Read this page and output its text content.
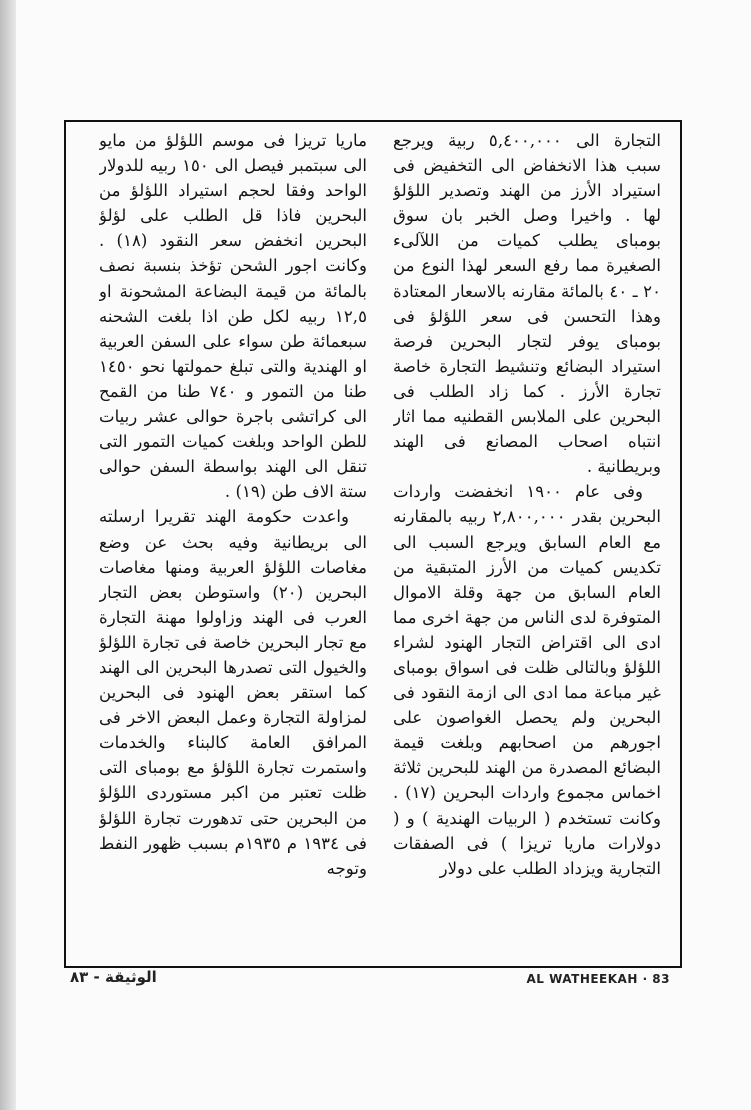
التجارة الى ٥,٤٠٠,٠٠٠ ربية ويرجع سبب هذا الانخفاض الى التخفيض فى استيراد الأرز من الهند وتصدير اللؤلؤ لها . واخيرا وصل الخبر بان سوق بومباى يطلب كميات من اللآلىء الصغيرة مما رفع السعر لهذا النوع من ٢٠ ـ ٤٠ بالمائة مقارنه بالاسعار المعتادة وهذا التحسن فى سعر اللؤلؤ فى بومباى يوفر لتجار البحرين فرصة استيراد البضائع وتنشيط التجارة خاصة تجارة الأرز . كما زاد الطلب فى البحرين على الملابس القطنيه مما اثار انتباه اصحاب المصانع فى الهند وبريطانية .

وفى عام ١٩٠٠ انخفضت واردات البحرين بقدر ٢,٨٠٠,٠٠٠ ربيه بالمقارنه مع العام السابق ويرجع السبب الى تكديس كميات من الأرز المتبقية من العام السابق من جهة وقلة الاموال المتوفرة لدى الناس من جهة اخرى مما ادى الى اقتراض التجار الهنود لشراء اللؤلؤ وبالتالى ظلت فى اسواق بومباى غير مباعة مما ادى الى ازمة النقود فى البحرين ولم يحصل الغواصون على اجورهم من اصحابهم وبلغت قيمة البضائع المصدرة من الهند للبحرين ثلاثة اخماس مجموع واردات البحرين (١٧) . وكانت تستخدم ( الربيات الهندية ) و ( دولارات ماريا تريزا ) فى الصفقات التجارية ويزداد الطلب على دولار

ماريا تريزا فى موسم اللؤلؤ من مايو الى سبتمبر فيصل الى ١٥٠ ربيه للدولار الواحد وفقا لحجم استيراد اللؤلؤ من البحرين فاذا قل الطلب على لؤلؤ البحرين انخفض سعر النقود (١٨) . وكانت اجور الشحن تؤخذ بنسبة نصف بالمائة من قيمة البضاعة المشحونة او ١٢,٥ ربيه لكل طن اذا بلغت الشحنه سبعمائة طن سواء على السفن العربية او الهندية والتى تبلغ حمولتها نحو ١٤٥٠ طنا من التمور و ٧٤٠ طنا من القمح الى كراتشى باجرة حوالى عشر ربيات للطن الواحد وبلغت كميات التمور التى تنقل الى الهند بواسطة السفن حوالى ستة الاف طن (١٩) .

واعدت حكومة الهند تقريرا ارسلته الى بريطانية وفيه بحث عن وضع مغاصات اللؤلؤ العربية ومنها مغاصات البحرين (٢٠) واستوطن بعض التجار العرب فى الهند وزاولوا مهنة التجارة مع تجار البحرين خاصة فى تجارة اللؤلؤ والخيول التى تصدرها البحرين الى الهند كما استقر بعض الهنود فى البحرين لمزاولة التجارة وعمل البعض الاخر فى المرافق العامة كالبناء والخدمات واستمرت تجارة اللؤلؤ مع بومباى التى ظلت تعتبر من اكبر مستوردى اللؤلؤ من البحرين حتى تدهورت تجارة اللؤلؤ فى ١٩٣٤ م ١٩٣٥م بسبب ظهور النفط وتوجه

الوثيقة - ٨٣	AL WATHEEKAH · 83
